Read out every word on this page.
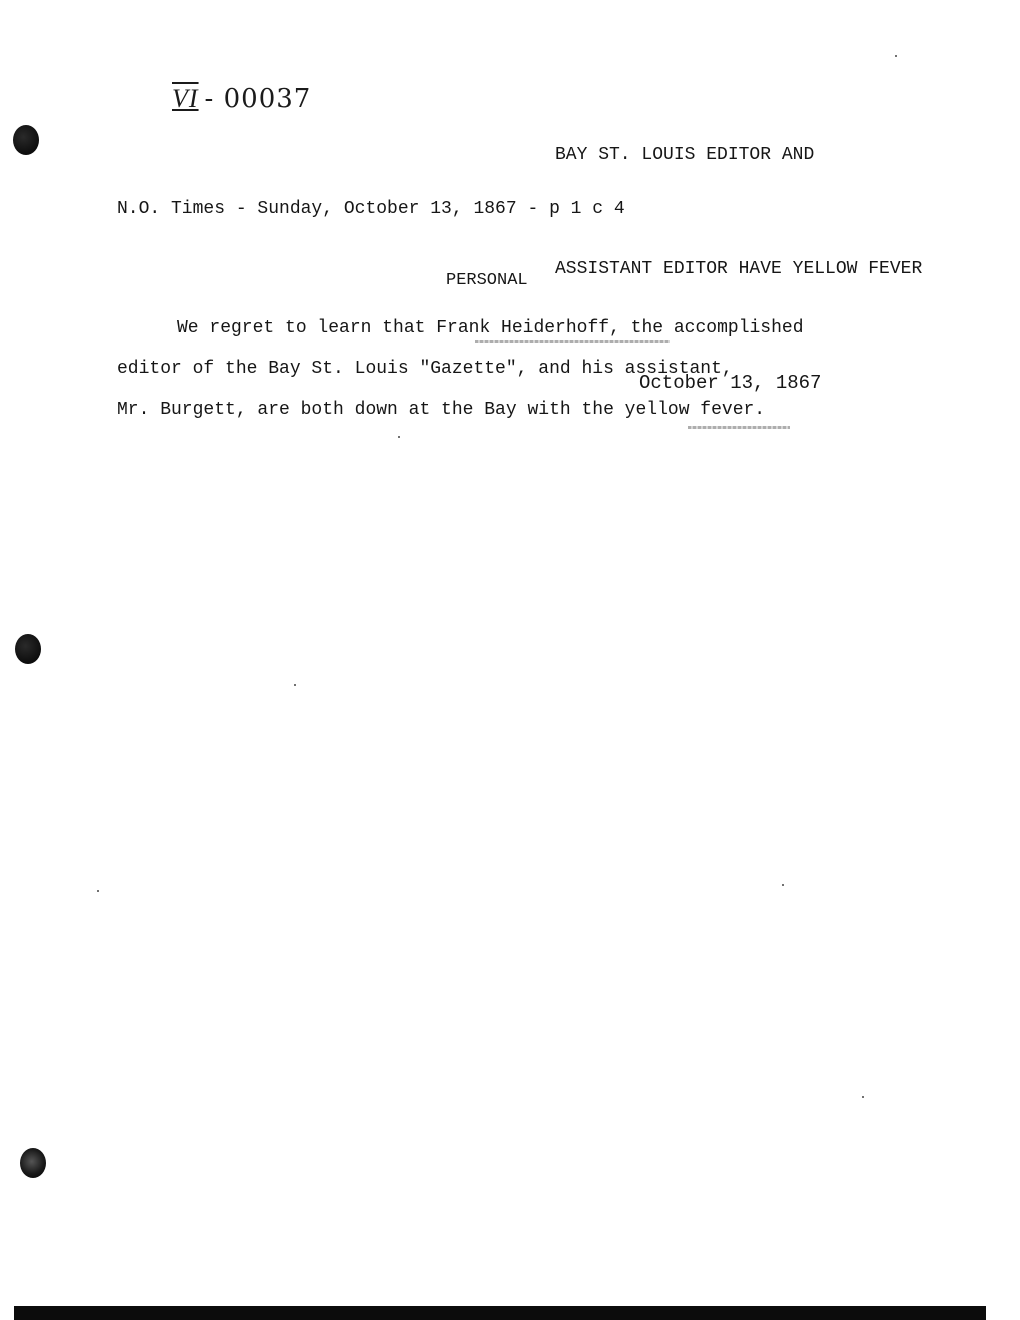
VI - 00037

BAY ST. LOUIS EDITOR AND

ASSISTANT EDITOR HAVE YELLOW FEVER

October 13, 1867

N.O. Times - Sunday, October 13, 1867 - p 1 c 4
PERSONAL
We regret to learn that Frank Heiderhoff, the accomplished
editor of the Bay St. Louis "Gazette", and his assistant,
Mr. Burgett, are both down at the Bay with the yellow fever.
